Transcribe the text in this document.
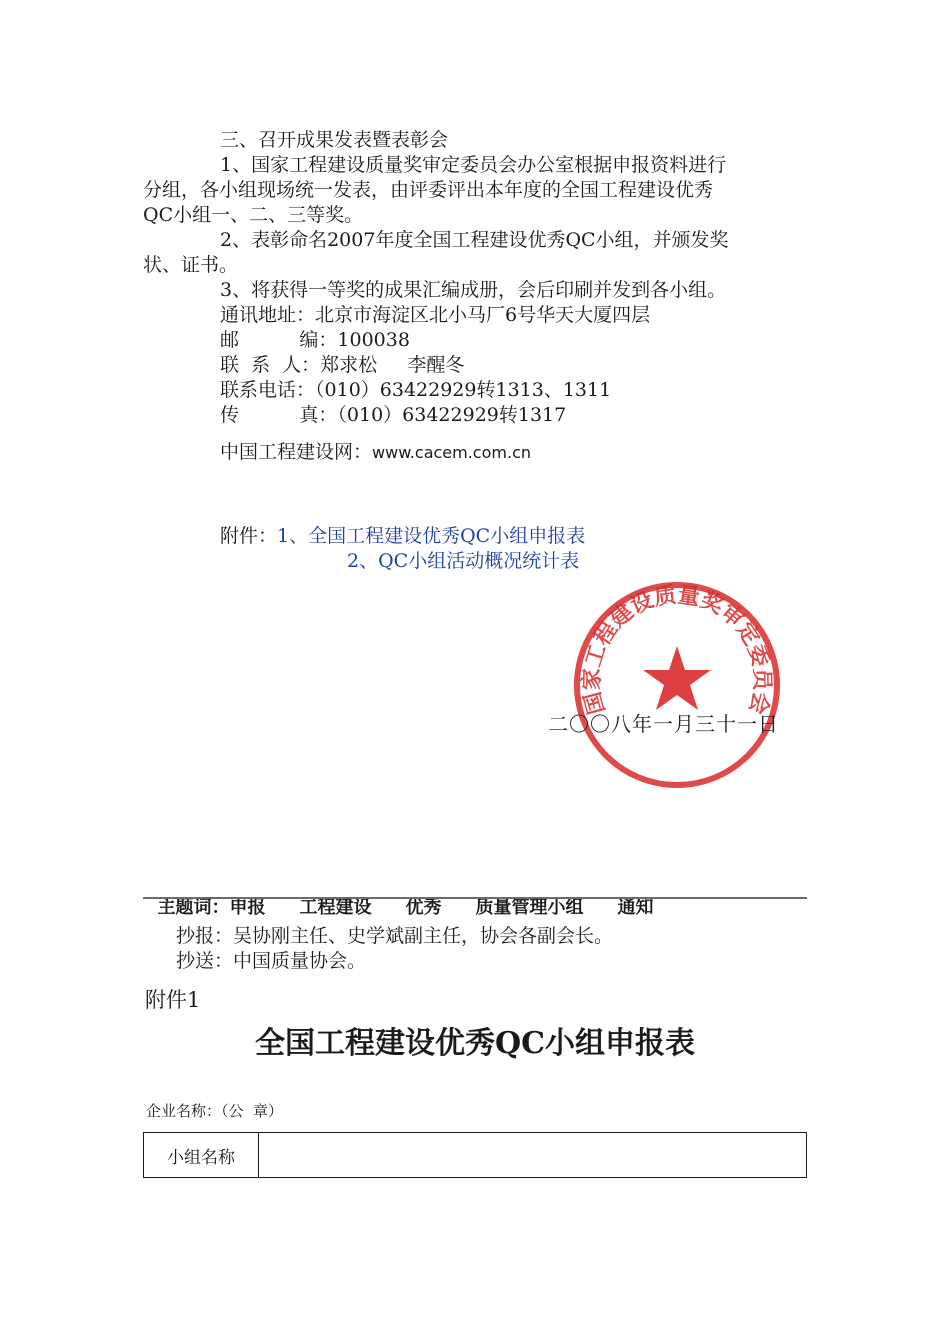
三、召开成果发表暨表彰会

1、国家工程建设质量奖审定委员会办公室根据申报资料进行

分组，各小组现场统一发表，由评委评出本年度的全国工程建设优秀

QC小组一、二、三等奖。

2、表彰命名2007年度全国工程建设优秀QC小组，并颁发奖

状、证书。

3、将获得一等奖的成果汇编成册，会后印刷并发到各小组。

通讯地址：北京市海淀区北小马厂6号华天大厦四层

邮          编：100038

联  系  人：郑求松     李醒冬

联系电话：（010）63422929转1313、1311

传          真：（010）63422929转1317

中国工程建设网：www.cacem.com.cn

附件：1、全国工程建设优秀QC小组申报表

2、QC小组活动概况统计表

国家工程建设质量奖审定委员会
二〇〇八年一月三十一日

主题词：申报 工程建设 优秀 质量管理小组 通知

抄报：吴协刚主任、史学斌副主任，协会各副会长。

抄送：中国质量协会。

附件1

全国工程建设优秀QC小组申报表
企业名称：（公  章）
小组名称	
